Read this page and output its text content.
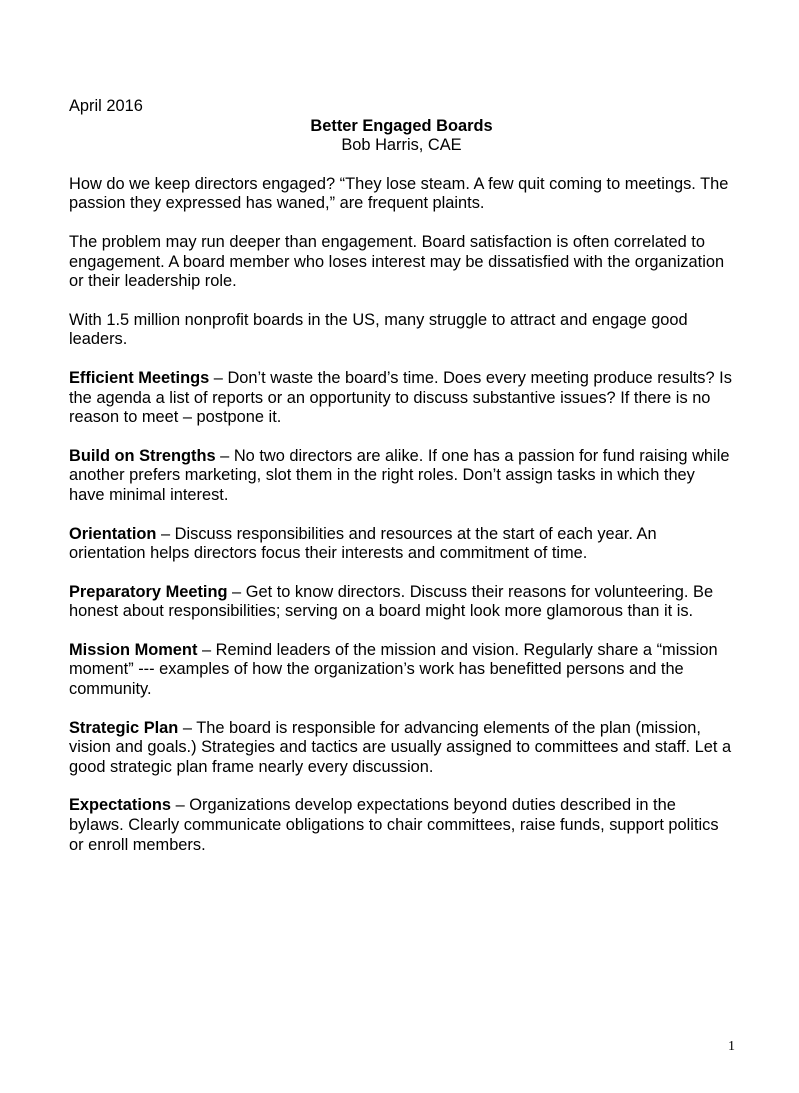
April 2016

Better Engaged Boards

Bob Harris, CAE

How do we keep directors engaged? “They lose steam. A few quit coming to meetings. The passion they expressed has waned,” are frequent plaints.

The problem may run deeper than engagement. Board satisfaction is often correlated to engagement. A board member who loses interest may be dissatisfied with the organization or their leadership role.

With 1.5 million nonprofit boards in the US, many struggle to attract and engage good leaders.

Efficient Meetings – Don’t waste the board’s time. Does every meeting produce results? Is the agenda a list of reports or an opportunity to discuss substantive issues? If there is no reason to meet – postpone it.

Build on Strengths – No two directors are alike. If one has a passion for fund raising while another prefers marketing, slot them in the right roles. Don’t assign tasks in which they have minimal interest.

Orientation – Discuss responsibilities and resources at the start of each year. An orientation helps directors focus their interests and commitment of time.

Preparatory Meeting – Get to know directors. Discuss their reasons for volunteering. Be honest about responsibilities; serving on a board might look more glamorous than it is.

Mission Moment – Remind leaders of the mission and vision. Regularly share a “mission moment” --- examples of how the organization’s work has benefitted persons and the community.

Strategic Plan – The board is responsible for advancing elements of the plan (mission, vision and goals.) Strategies and tactics are usually assigned to committees and staff. Let a good strategic plan frame nearly every discussion.

Expectations – Organizations develop expectations beyond duties described in the bylaws. Clearly communicate obligations to chair committees, raise funds, support politics or enroll members.

1
